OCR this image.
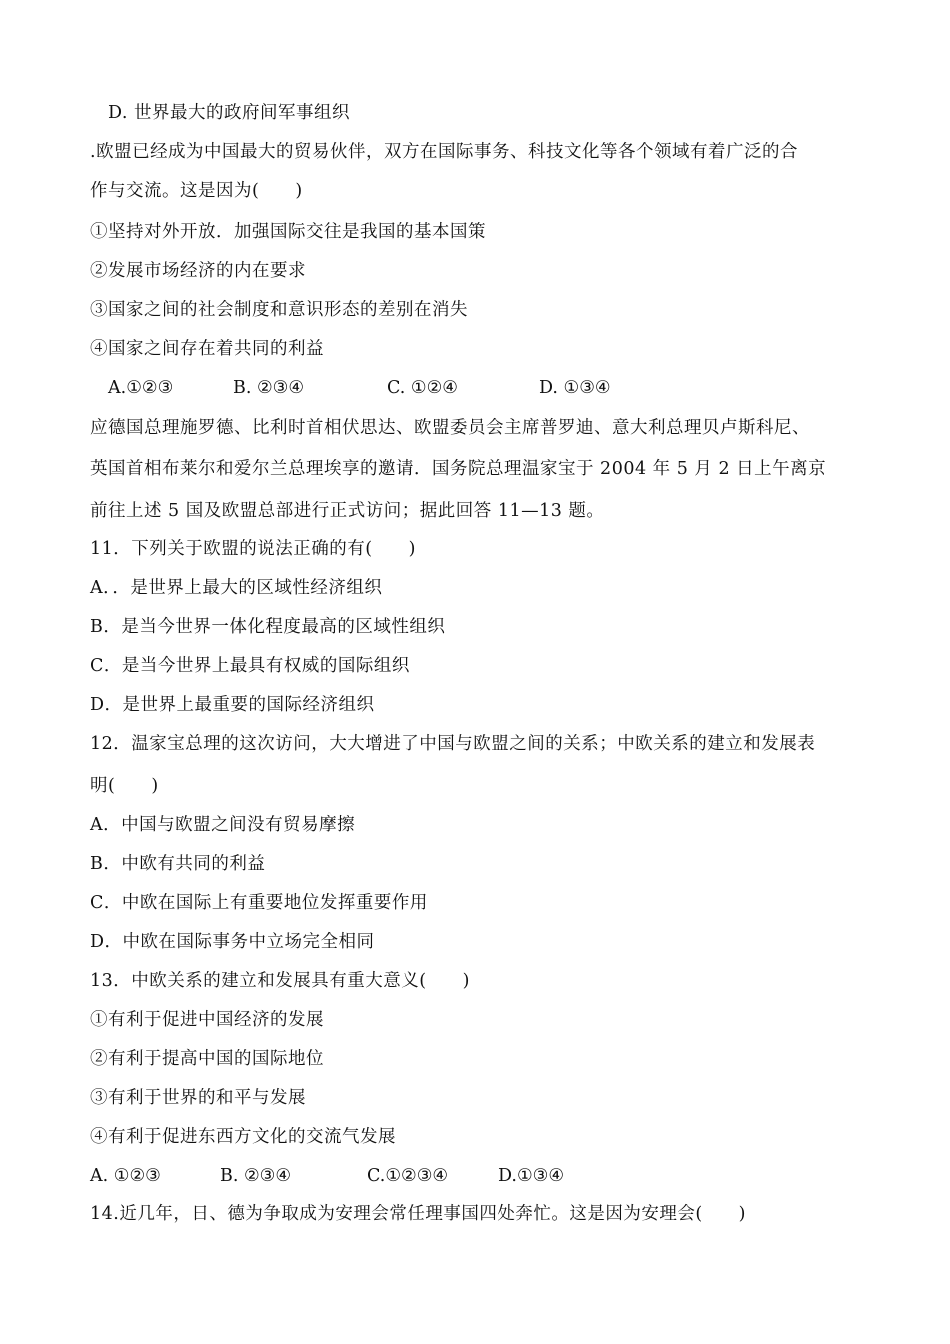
D. 世界最大的政府间军事组织
.欧盟已经成为中国最大的贸易伙伴，双方在国际事务、科技文化等各个领域有着广泛的合
作与交流。这是因为(　　)
①坚持对外开放．加强国际交往是我国的基本国策
②发展市场经济的内在要求
③国家之间的社会制度和意识形态的差别在消失
④国家之间存在着共同的利益
A.①②③	B. ②③④	C. ①②④	D. ①③④
应德国总理施罗德、比利时首相伏思达、欧盟委员会主席普罗迪、意大利总理贝卢斯科尼、
英国首相布莱尔和爱尔兰总理埃享的邀请．国务院总理温家宝于 2004 年 5 月 2 日上午离京
前往上述 5 国及欧盟总部进行正式访问；据此回答 11—13 题。
11．下列关于欧盟的说法正确的有(　　)
A．．是世界上最大的区域性经济组织
B．是当今世界一体化程度最高的区域性组织
C．是当今世界上最具有权威的国际组织
D．是世界上最重要的国际经济组织
12．温家宝总理的这次访问，大大增进了中国与欧盟之间的关系；中欧关系的建立和发展表
明(　　)
A．中国与欧盟之间没有贸易摩擦
B．中欧有共同的利益
C．中欧在国际上有重要地位发挥重要作用
D．中欧在国际事务中立场完全相同
13．中欧关系的建立和发展具有重大意义(　　)
①有利于促进中国经济的发展
②有利于提高中国的国际地位
③有利于世界的和平与发展
④有利于促进东西方文化的交流气发展
A. ①②③	B. ②③④	C.①②③④	D.①③④
14.近几年，日、德为争取成为安理会常任理事国四处奔忙。这是因为安理会(　　)
